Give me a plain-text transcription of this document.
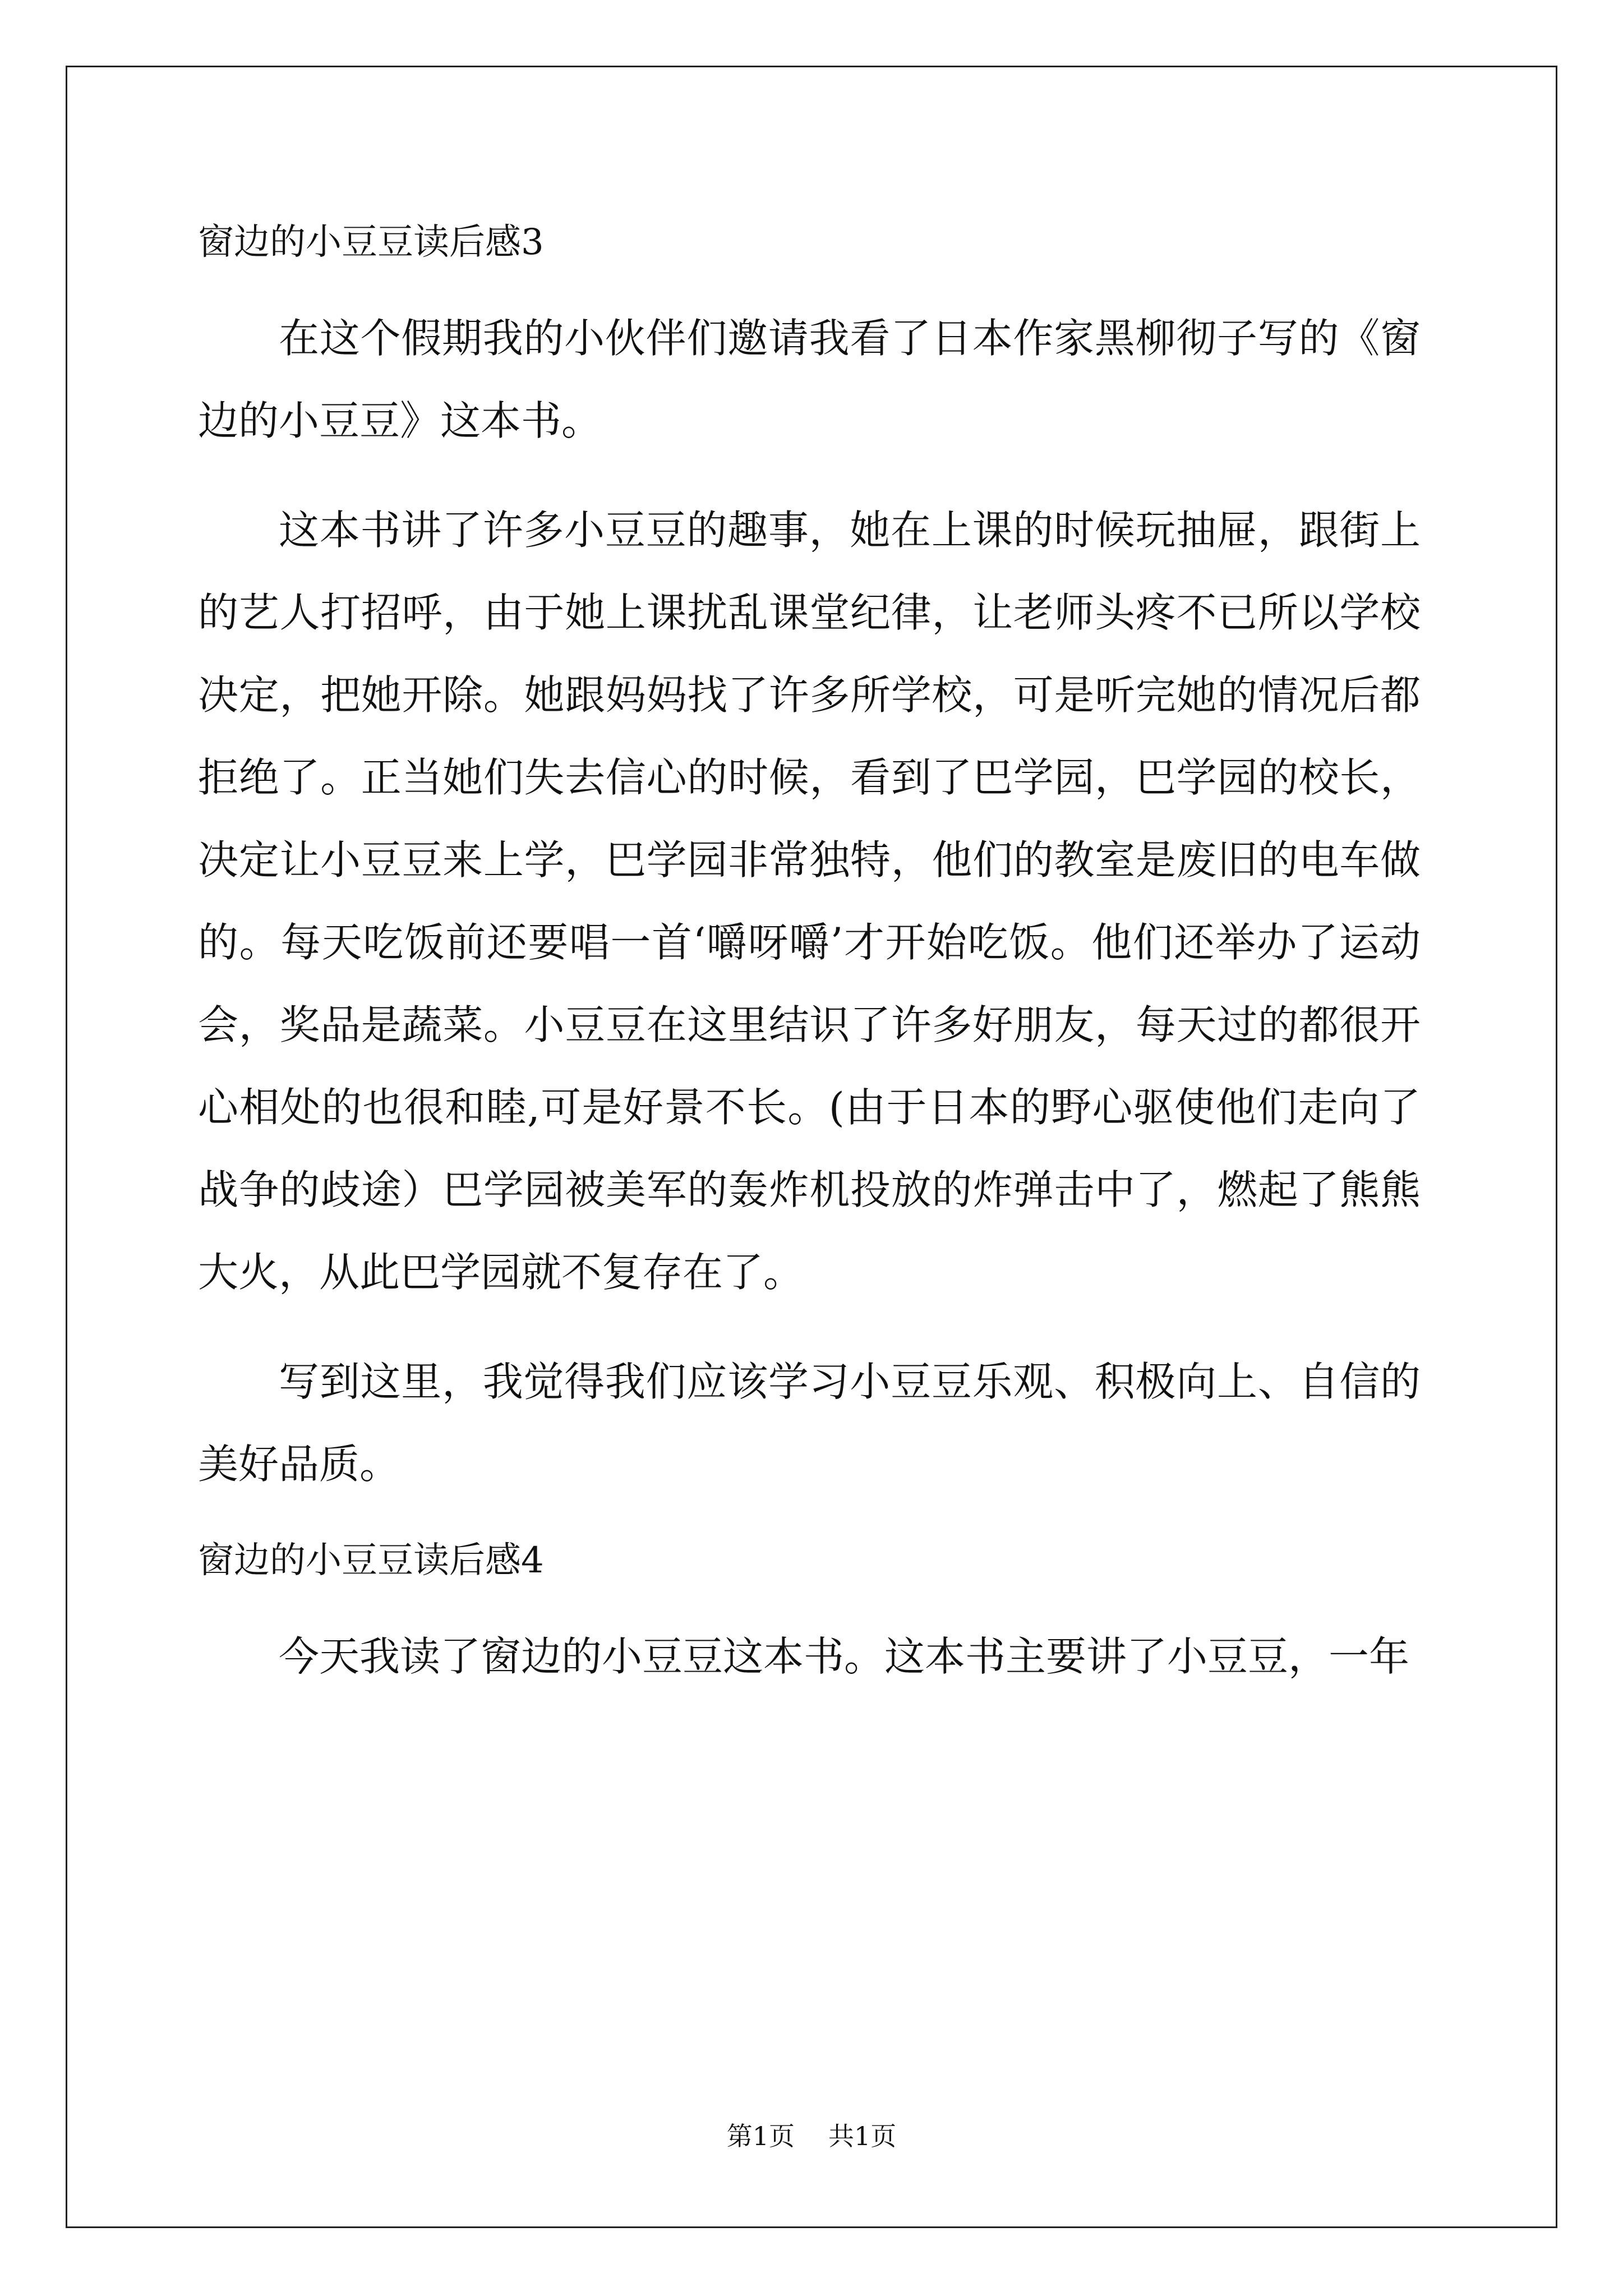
窗边的小豆豆读后感3

在这个假期我的小伙伴们邀请我看了日本作家黑柳彻子写的《窗边的小豆豆》这本书。

这本书讲了许多小豆豆的趣事，她在上课的时候玩抽屉，跟街上的艺人打招呼，由于她上课扰乱课堂纪律，让老师头疼不已所以学校决定，把她开除。她跟妈妈找了许多所学校，可是听完她的情况后都拒绝了。正当她们失去信心的时候，看到了巴学园，巴学园的校长，决定让小豆豆来上学，巴学园非常独特，他们的教室是废旧的电车做的。每天吃饭前还要唱一首‘嚼呀嚼’才开始吃饭。他们还举办了运动会，奖品是蔬菜。小豆豆在这里结识了许多好朋友，每天过的都很开心相处的也很和睦,可是好景不长。(由于日本的野心驱使他们走向了战争的歧途）巴学园被美军的轰炸机投放的炸弹击中了，燃起了熊熊大火，从此巴学园就不复存在了。

写到这里，我觉得我们应该学习小豆豆乐观、积极向上、自信的美好品质。

窗边的小豆豆读后感4

今天我读了窗边的小豆豆这本书。这本书主要讲了小豆豆，一年

第1页 共1页
